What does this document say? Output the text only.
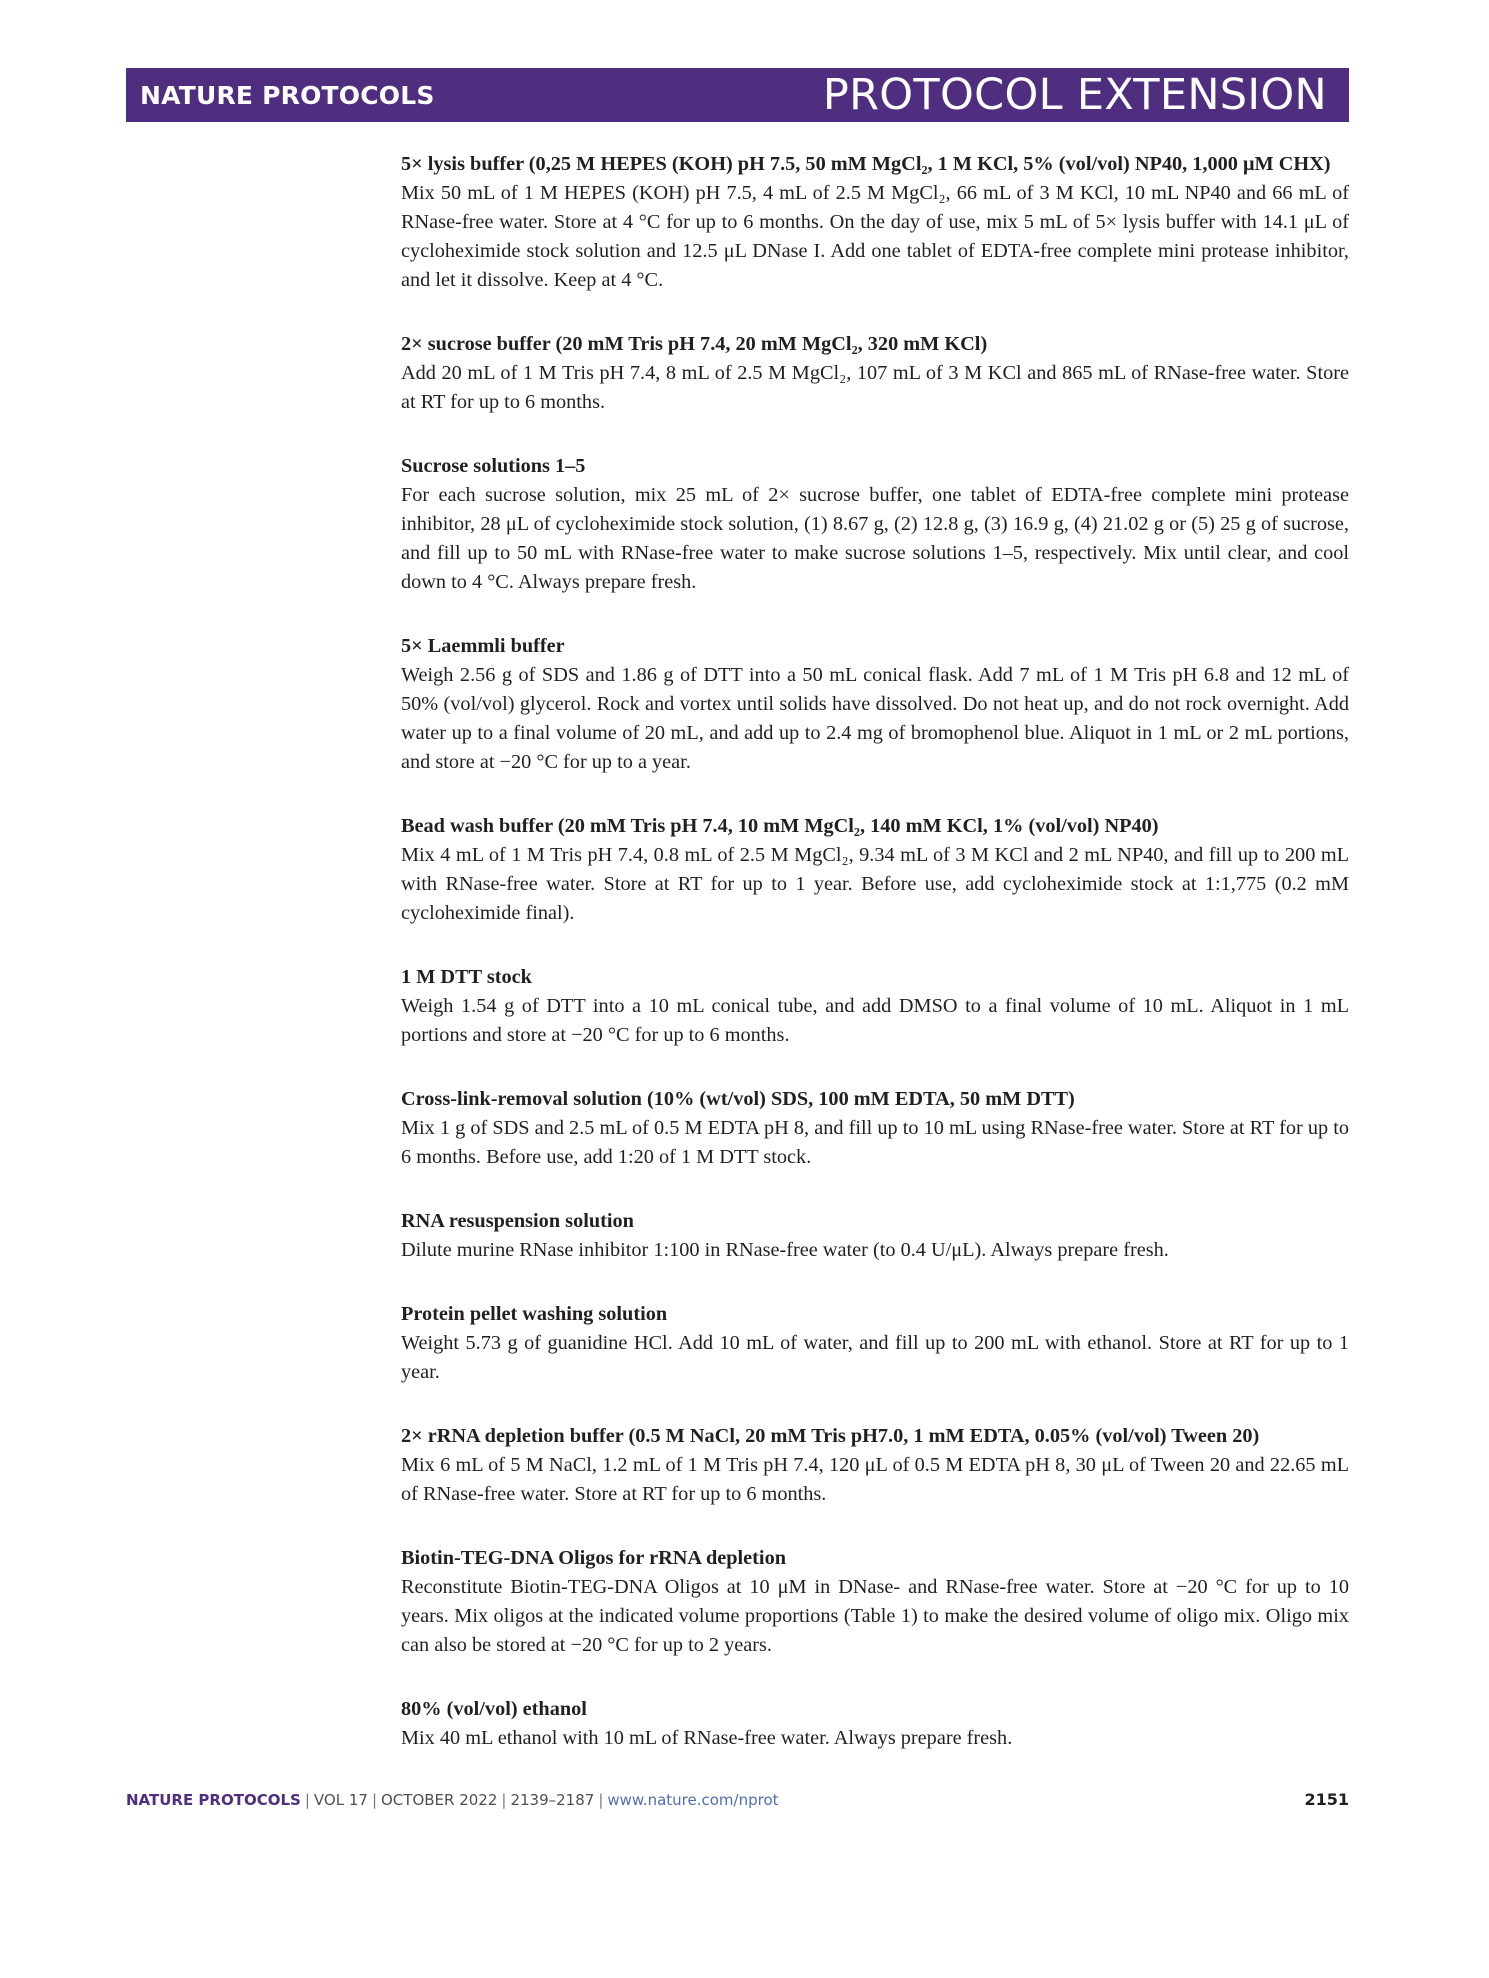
NATURE PROTOCOLS	PROTOCOL EXTENSION

5× lysis buffer (0,25 M HEPES (KOH) pH 7.5, 50 mM MgCl₂, 1 M KCl, 5% (vol/vol) NP40, 1,000 μM CHX)

Mix 50 mL of 1 M HEPES (KOH) pH 7.5, 4 mL of 2.5 M MgCl₂, 66 mL of 3 M KCl, 10 mL NP40 and 66 mL of RNase-free water. Store at 4 °C for up to 6 months. On the day of use, mix 5 mL of 5× lysis buffer with 14.1 μL of cycloheximide stock solution and 12.5 μL DNase I. Add one tablet of EDTA-free complete mini protease inhibitor, and let it dissolve. Keep at 4 °C.

2× sucrose buffer (20 mM Tris pH 7.4, 20 mM MgCl₂, 320 mM KCl)

Add 20 mL of 1 M Tris pH 7.4, 8 mL of 2.5 M MgCl₂, 107 mL of 3 M KCl and 865 mL of RNase-free water. Store at RT for up to 6 months.

Sucrose solutions 1–5

For each sucrose solution, mix 25 mL of 2× sucrose buffer, one tablet of EDTA-free complete mini protease inhibitor, 28 μL of cycloheximide stock solution, (1) 8.67 g, (2) 12.8 g, (3) 16.9 g, (4) 21.02 g or (5) 25 g of sucrose, and fill up to 50 mL with RNase-free water to make sucrose solutions 1–5, respectively. Mix until clear, and cool down to 4 °C. Always prepare fresh.

5× Laemmli buffer

Weigh 2.56 g of SDS and 1.86 g of DTT into a 50 mL conical flask. Add 7 mL of 1 M Tris pH 6.8 and 12 mL of 50% (vol/vol) glycerol. Rock and vortex until solids have dissolved. Do not heat up, and do not rock overnight. Add water up to a final volume of 20 mL, and add up to 2.4 mg of bromophenol blue. Aliquot in 1 mL or 2 mL portions, and store at −20 °C for up to a year.

Bead wash buffer (20 mM Tris pH 7.4, 10 mM MgCl₂, 140 mM KCl, 1% (vol/vol) NP40)

Mix 4 mL of 1 M Tris pH 7.4, 0.8 mL of 2.5 M MgCl₂, 9.34 mL of 3 M KCl and 2 mL NP40, and fill up to 200 mL with RNase-free water. Store at RT for up to 1 year. Before use, add cycloheximide stock at 1:1,775 (0.2 mM cycloheximide final).

1 M DTT stock

Weigh 1.54 g of DTT into a 10 mL conical tube, and add DMSO to a final volume of 10 mL. Aliquot in 1 mL portions and store at −20 °C for up to 6 months.

Cross-link-removal solution (10% (wt/vol) SDS, 100 mM EDTA, 50 mM DTT)

Mix 1 g of SDS and 2.5 mL of 0.5 M EDTA pH 8, and fill up to 10 mL using RNase-free water. Store at RT for up to 6 months. Before use, add 1:20 of 1 M DTT stock.

RNA resuspension solution

Dilute murine RNase inhibitor 1:100 in RNase-free water (to 0.4 U/μL). Always prepare fresh.

Protein pellet washing solution

Weight 5.73 g of guanidine HCl. Add 10 mL of water, and fill up to 200 mL with ethanol. Store at RT for up to 1 year.

2× rRNA depletion buffer (0.5 M NaCl, 20 mM Tris pH7.0, 1 mM EDTA, 0.05% (vol/vol) Tween 20)

Mix 6 mL of 5 M NaCl, 1.2 mL of 1 M Tris pH 7.4, 120 μL of 0.5 M EDTA pH 8, 30 μL of Tween 20 and 22.65 mL of RNase-free water. Store at RT for up to 6 months.

Biotin-TEG-DNA Oligos for rRNA depletion

Reconstitute Biotin-TEG-DNA Oligos at 10 μM in DNase- and RNase-free water. Store at −20 °C for up to 10 years. Mix oligos at the indicated volume proportions (Table 1) to make the desired volume of oligo mix. Oligo mix can also be stored at −20 °C for up to 2 years.

80% (vol/vol) ethanol

Mix 40 mL ethanol with 10 mL of RNase-free water. Always prepare fresh.

NATURE PROTOCOLS | VOL 17 | OCTOBER 2022 | 2139–2187 | www.nature.com/nprot	2151
